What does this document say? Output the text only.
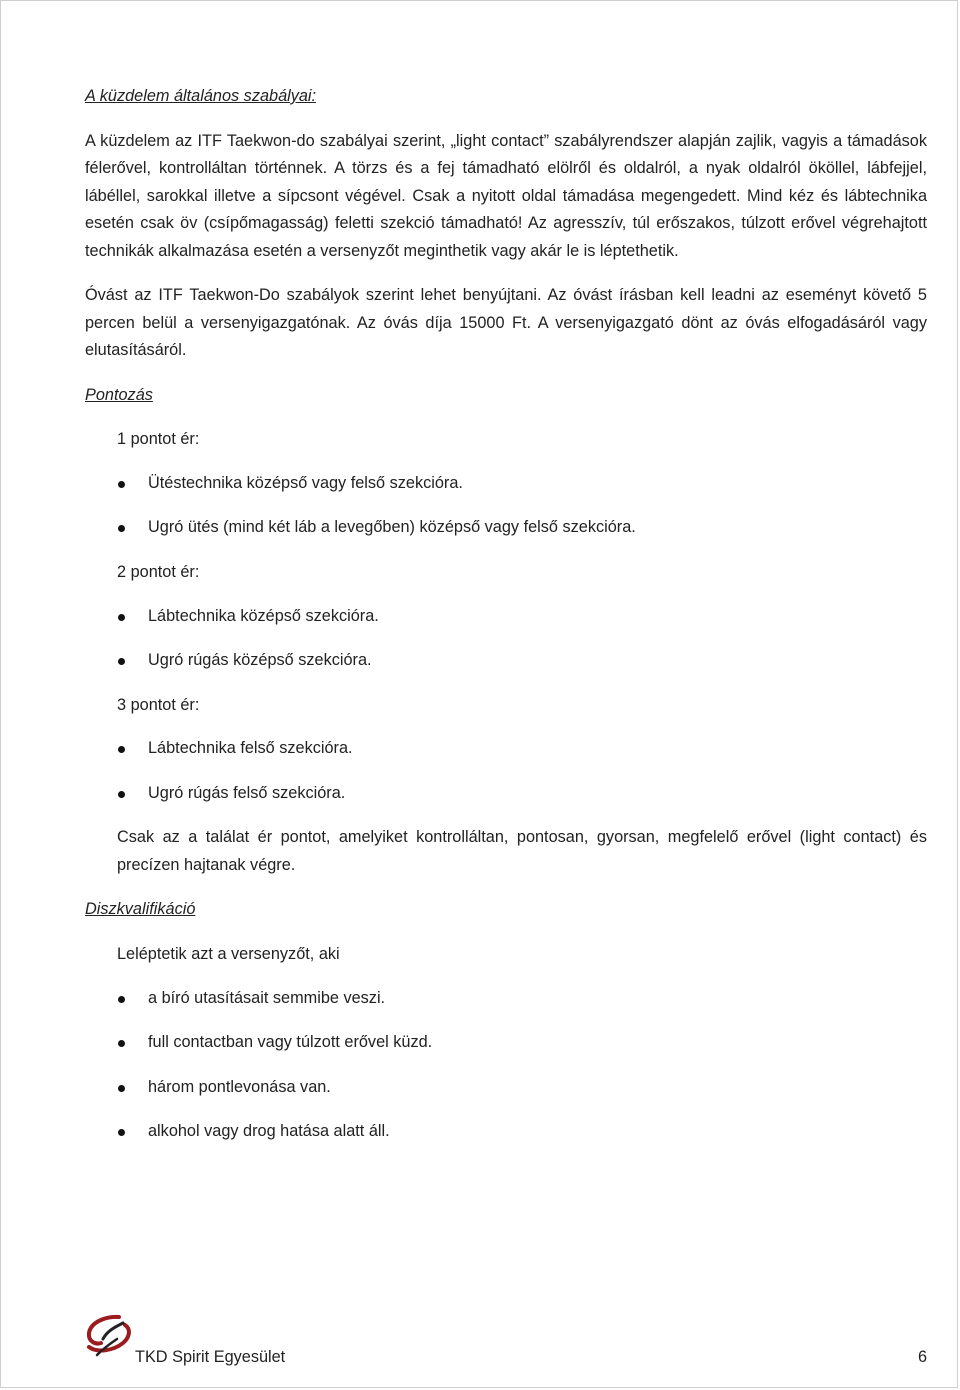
A küzdelem általános szabályai:

A küzdelem az ITF Taekwon-do szabályai szerint, „light contact” szabályrendszer alapján zajlik, vagyis a támadások félerővel, kontrolláltan történnek. A törzs és a fej támadható elölről és oldalról, a nyak oldalról ököllel, lábfejjel, lábéllel, sarokkal illetve a sípcsont végével. Csak a nyitott oldal támadása megengedett. Mind kéz és lábtechnika esetén csak öv (csípőmagasság) feletti szekció támadható! Az agresszív, túl erőszakos, túlzott erővel végrehajtott technikák alkalmazása esetén a versenyzőt meginthetik vagy akár le is léptethetik.

Óvást az ITF Taekwon-Do szabályok szerint lehet benyújtani. Az óvást írásban kell leadni az eseményt követő 5 percen belül a versenyigazgatónak. Az óvás díja 15000 Ft. A versenyigazgató dönt az óvás elfogadásáról vagy elutasításáról.

Pontozás

1 pontot ér:

Ütéstechnika középső vagy felső szekcióra.
Ugró ütés (mind két láb a levegőben) középső vagy felső szekcióra.

2 pontot ér:

Lábtechnika középső szekcióra.
Ugró rúgás középső szekcióra.

3 pontot ér:

Lábtechnika felső szekcióra.
Ugró rúgás felső szekcióra.

Csak az a találat ér pontot, amelyiket kontrolláltan, pontosan, gyorsan, megfelelő erővel (light contact) és precízen hajtanak végre.

Diszkvalifikáció

Leléptetik azt a versenyzőt, aki

a bíró utasításait semmibe veszi.
full contactban vagy túlzott erővel küzd.
három pontlevonása van.
alkohol vagy drog hatása alatt áll.
TKD Spirit Egyesület	6
